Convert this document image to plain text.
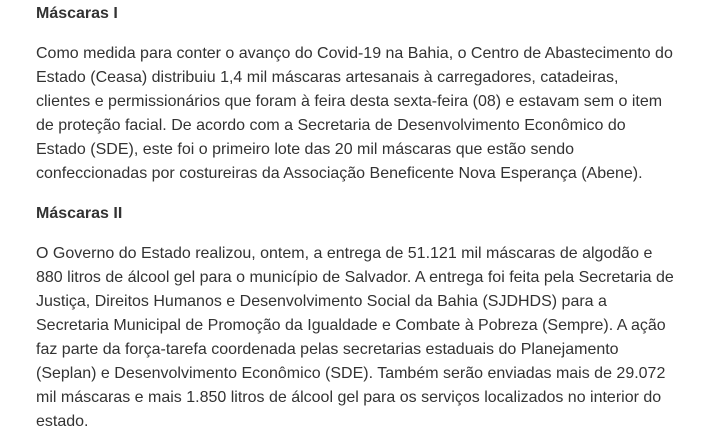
Máscaras I

Como medida para conter o avanço do Covid-19 na Bahia, o Centro de Abastecimento do Estado (Ceasa) distribuiu 1,4 mil máscaras artesanais à carregadores, catadeiras, clientes e permissionários que foram à feira desta sexta-feira (08) e estavam sem o item de proteção facial. De acordo com a Secretaria de Desenvolvimento Econômico do Estado (SDE), este foi o primeiro lote das 20 mil máscaras que estão sendo confeccionadas por costureiras da Associação Beneficente Nova Esperança (Abene).

Máscaras II

O Governo do Estado realizou, ontem, a entrega de 51.121 mil máscaras de algodão e 880 litros de álcool gel para o município de Salvador. A entrega foi feita pela Secretaria de Justiça, Direitos Humanos e Desenvolvimento Social da Bahia (SJDHDS) para a Secretaria Municipal de Promoção da Igualdade e Combate à Pobreza (Sempre). A ação faz parte da força-tarefa coordenada pelas secretarias estaduais do Planejamento (Seplan) e Desenvolvimento Econômico (SDE). Também serão enviadas mais de 29.072 mil máscaras e mais 1.850 litros de álcool gel para os serviços localizados no interior do estado.
